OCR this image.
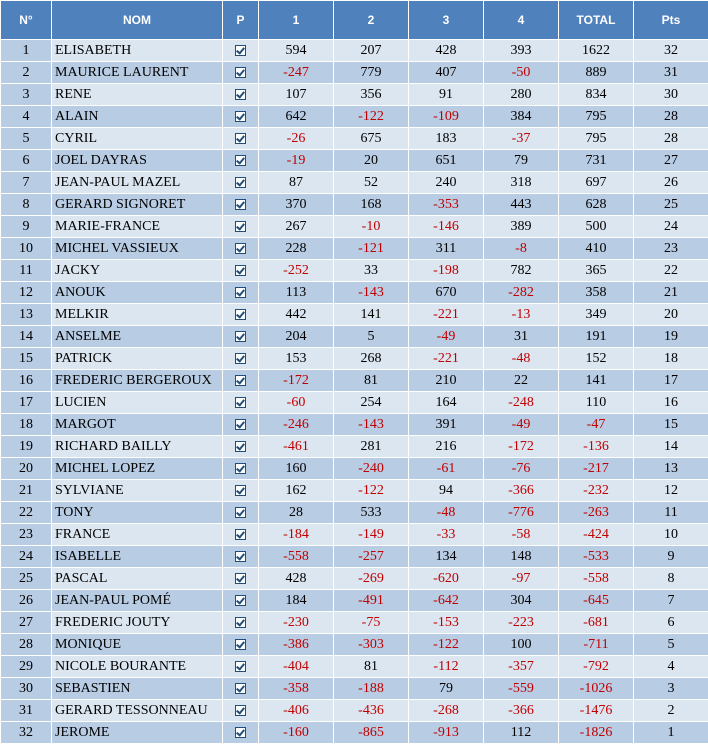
N°	NOM	P	1	2	3	4	TOTAL	Pts
1	ELISABETH		594	207	428	393	1622	32
2	MAURICE LAURENT		-247	779	407	-50	889	31
3	RENE		107	356	91	280	834	30
4	ALAIN		642	-122	-109	384	795	28
5	CYRIL		-26	675	183	-37	795	28
6	JOEL DAYRAS		-19	20	651	79	731	27
7	JEAN-PAUL MAZEL		87	52	240	318	697	26
8	GERARD SIGNORET		370	168	-353	443	628	25
9	MARIE-FRANCE		267	-10	-146	389	500	24
10	MICHEL VASSIEUX		228	-121	311	-8	410	23
11	JACKY		-252	33	-198	782	365	22
12	ANOUK		113	-143	670	-282	358	21
13	MELKIR		442	141	-221	-13	349	20
14	ANSELME		204	5	-49	31	191	19
15	PATRICK		153	268	-221	-48	152	18
16	FREDERIC BERGEROUX		-172	81	210	22	141	17
17	LUCIEN		-60	254	164	-248	110	16
18	MARGOT		-246	-143	391	-49	-47	15
19	RICHARD BAILLY		-461	281	216	-172	-136	14
20	MICHEL LOPEZ		160	-240	-61	-76	-217	13
21	SYLVIANE		162	-122	94	-366	-232	12
22	TONY		28	533	-48	-776	-263	11
23	FRANCE		-184	-149	-33	-58	-424	10
24	ISABELLE		-558	-257	134	148	-533	9
25	PASCAL		428	-269	-620	-97	-558	8
26	JEAN-PAUL POMÉ		184	-491	-642	304	-645	7
27	FREDERIC JOUTY		-230	-75	-153	-223	-681	6
28	MONIQUE		-386	-303	-122	100	-711	5
29	NICOLE BOURANTE		-404	81	-112	-357	-792	4
30	SEBASTIEN		-358	-188	79	-559	-1026	3
31	GERARD TESSONNEAU		-406	-436	-268	-366	-1476	2
32	JEROME		-160	-865	-913	112	-1826	1
